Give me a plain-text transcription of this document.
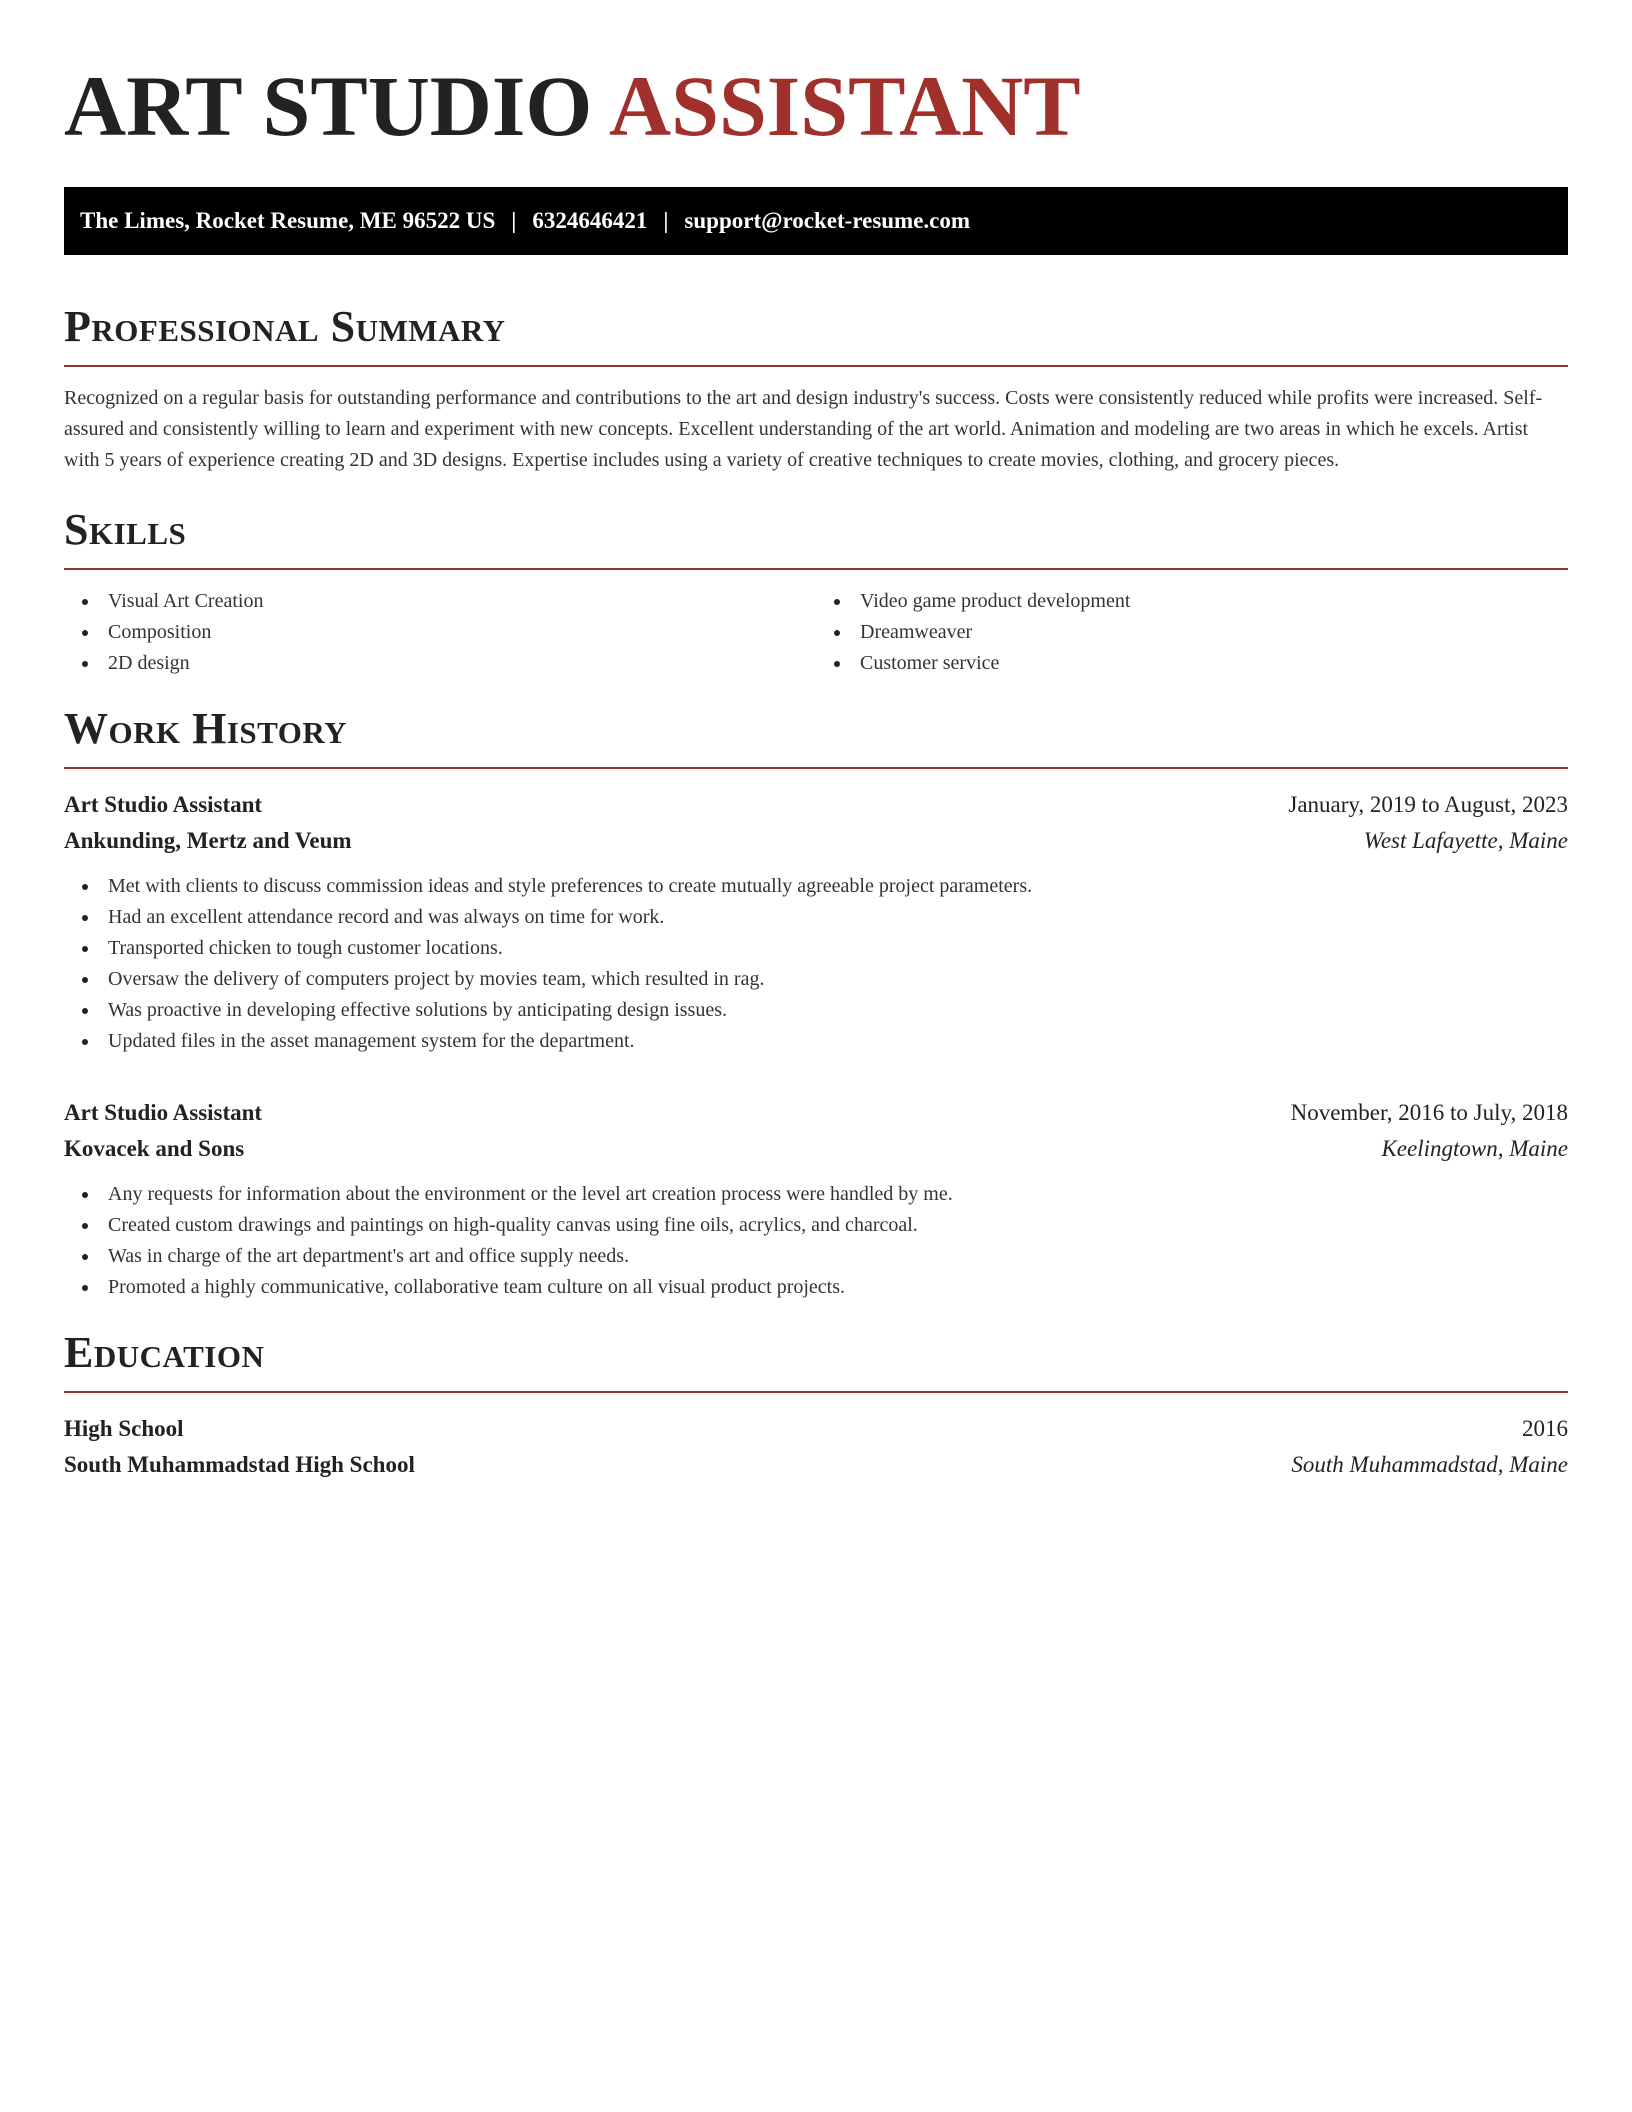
ART STUDIO ASSISTANT
The Limes, Rocket Resume, ME 96522 US | 6324646421 | support@rocket-resume.com
Professional Summary

Recognized on a regular basis for outstanding performance and contributions to the art and design industry's success. Costs were consistently reduced while profits were increased. Self-assured and consistently willing to learn and experiment with new concepts. Excellent understanding of the art world. Animation and modeling are two areas in which he excels. Artist with 5 years of experience creating 2D and 3D designs. Expertise includes using a variety of creative techniques to create movies, clothing, and grocery pieces.

Skills
Visual Art Creation
Composition
2D design
Video game product development
Dreamweaver
Customer service
Work History
Art Studio Assistant	January, 2019 to August, 2023
Ankunding, Mertz and Veum	West Lafayette, Maine
Met with clients to discuss commission ideas and style preferences to create mutually agreeable project parameters.
Had an excellent attendance record and was always on time for work.
Transported chicken to tough customer locations.
Oversaw the delivery of computers project by movies team, which resulted in rag.
Was proactive in developing effective solutions by anticipating design issues.
Updated files in the asset management system for the department.
Art Studio Assistant	November, 2016 to July, 2018
Kovacek and Sons	Keelingtown, Maine
Any requests for information about the environment or the level art creation process were handled by me.
Created custom drawings and paintings on high-quality canvas using fine oils, acrylics, and charcoal.
Was in charge of the art department's art and office supply needs.
Promoted a highly communicative, collaborative team culture on all visual product projects.
Education
High School	2016
South Muhammadstad High School	South Muhammadstad, Maine
